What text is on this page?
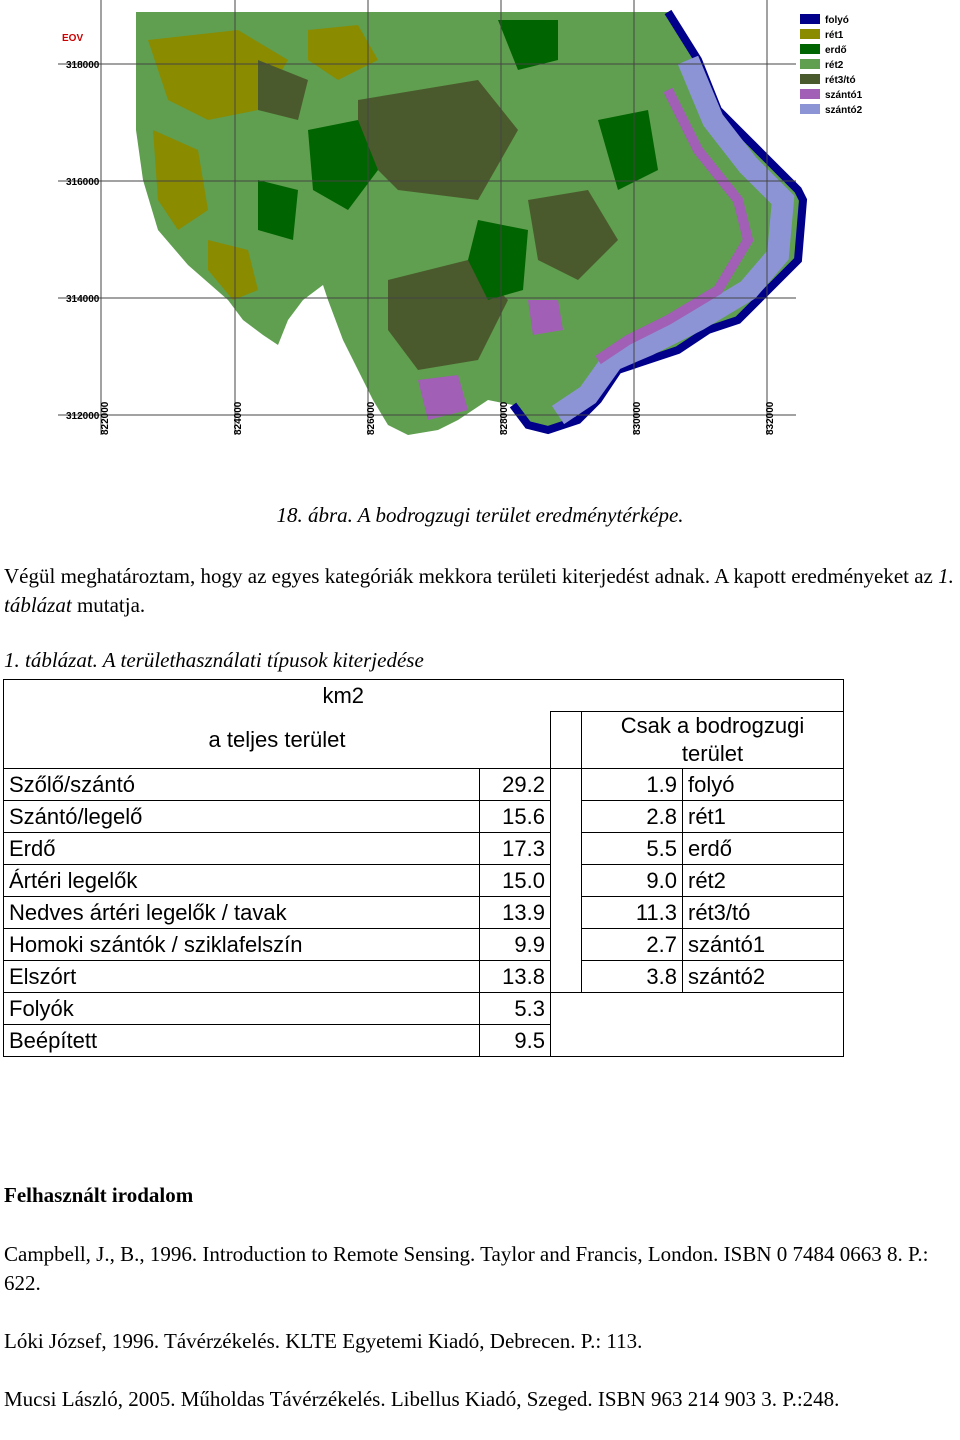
EOV
318000
316000
314000
312000 822000	824000	826000	828000	830000	832000
folyó
rét1
erdő
rét2
rét3/tó
szántó1
szántó2
18. ábra. A bodrogzugi terület eredménytérképe.
Végül meghatároztam, hogy az egyes kategóriák mekkora területi kiterjedést adnak. A kapott eredményeket az 1. táblázat mutatja.
1. táblázat. A területhasználati típusok kiterjedése
km2				
a teljes terület			Csak a bodrogzugi
terület	

Szőlő/szántó	29.2		1.9	folyó
Szántó/legelő	15.6		2.8	rét1
Erdő	17.3		5.5	erdő
Ártéri legelők	15.0		9.0	rét2
Nedves ártéri legelők / tavak	13.9		11.3	rét3/tó
Homoki szántók / sziklafelszín	9.9		2.7	szántó1
Elszórt	13.8		3.8	szántó2
Folyók	5.3			
Beépített	9.5			
Felhasznált irodalom
Campbell, J., B., 1996. Introduction to Remote Sensing. Taylor and Francis, London. ISBN 0 7484 0663 8. P.: 622.
Lóki József, 1996. Távérzékelés. KLTE Egyetemi Kiadó, Debrecen. P.: 113.
Mucsi László, 2005. Műholdas Távérzékelés. Libellus Kiadó, Szeged. ISBN 963 214 903 3. P.:248.
